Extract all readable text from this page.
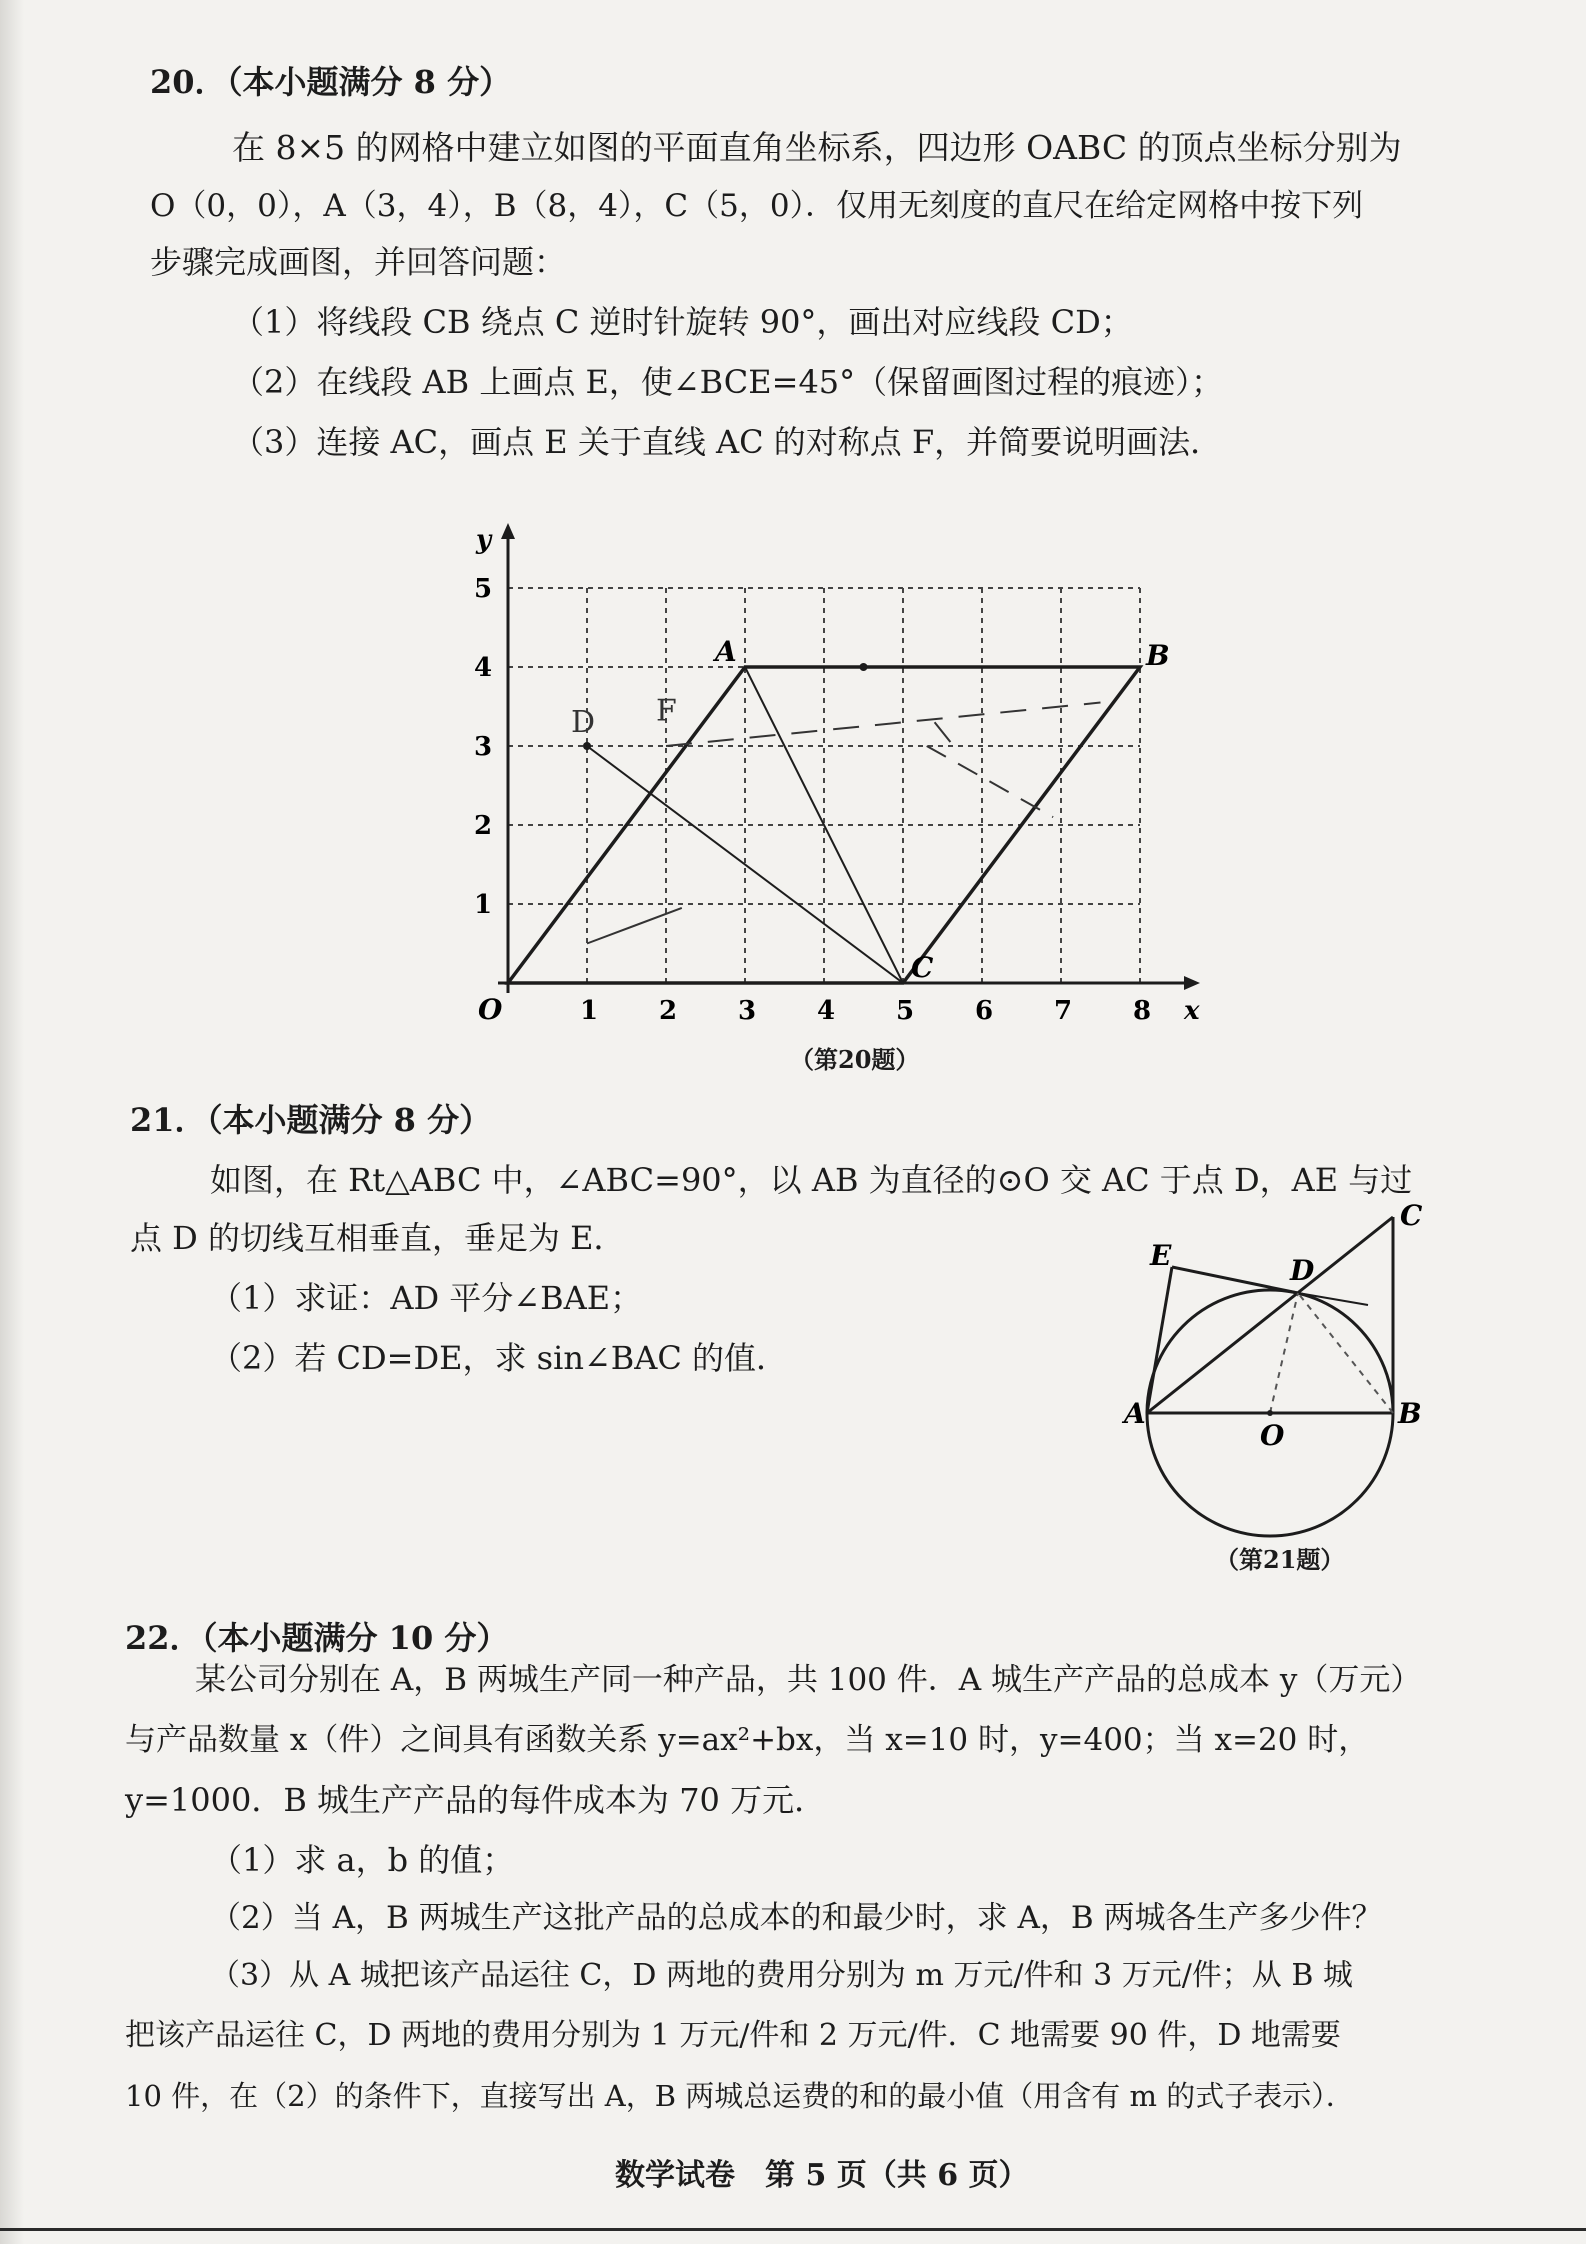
20．（本小题满分 8 分）
在 8×5 的网格中建立如图的平面直角坐标系，四边形 OABC 的顶点坐标分别为
O（0，0），A（3，4），B（8，4），C（5，0）．仅用无刻度的直尺在给定网格中按下列
步骤完成画图，并回答问题：
（1）将线段 CB 绕点 C 逆时针旋转 90°，画出对应线段 CD；
（2）在线段 AB 上画点 E，使∠BCE=45°（保留画图过程的痕迹）；
（3）连接 AC，画点 E 关于直线 AC 的对称点 F，并简要说明画法．
1 2 3 4 5 6 7 8
1
2
3
4
5
O	x
y
A	B
C
D F
（第20题）
21．（本小题满分 8 分）
如图，在 Rt△ABC 中，∠ABC=90°，以 AB 为直径的⊙O 交 AC 于点 D，AE 与过
点 D 的切线互相垂直，垂足为 E．
（1）求证：AD 平分∠BAE；
（2）若 CD=DE，求 sin∠BAC 的值．
E	D
C
A	B
O
（第21题）
22．（本小题满分 10 分）
某公司分别在 A，B 两城生产同一种产品，共 100 件．A 城生产产品的总成本 y（万元）
与产品数量 x（件）之间具有函数关系 y=ax²+bx，当 x=10 时，y=400；当 x=20 时，
y=1000．B 城生产产品的每件成本为 70 万元．
（1）求 a，b 的值；
（2）当 A，B 两城生产这批产品的总成本的和最少时，求 A，B 两城各生产多少件？
（3）从 A 城把该产品运往 C，D 两地的费用分别为 m 万元/件和 3 万元/件；从 B 城
把该产品运往 C，D 两地的费用分别为 1 万元/件和 2 万元/件．C 地需要 90 件，D 地需要
10 件，在（2）的条件下，直接写出 A，B 两城总运费的和的最小值（用含有 m 的式子表示）．
数学试卷　第 5 页（共 6 页）
